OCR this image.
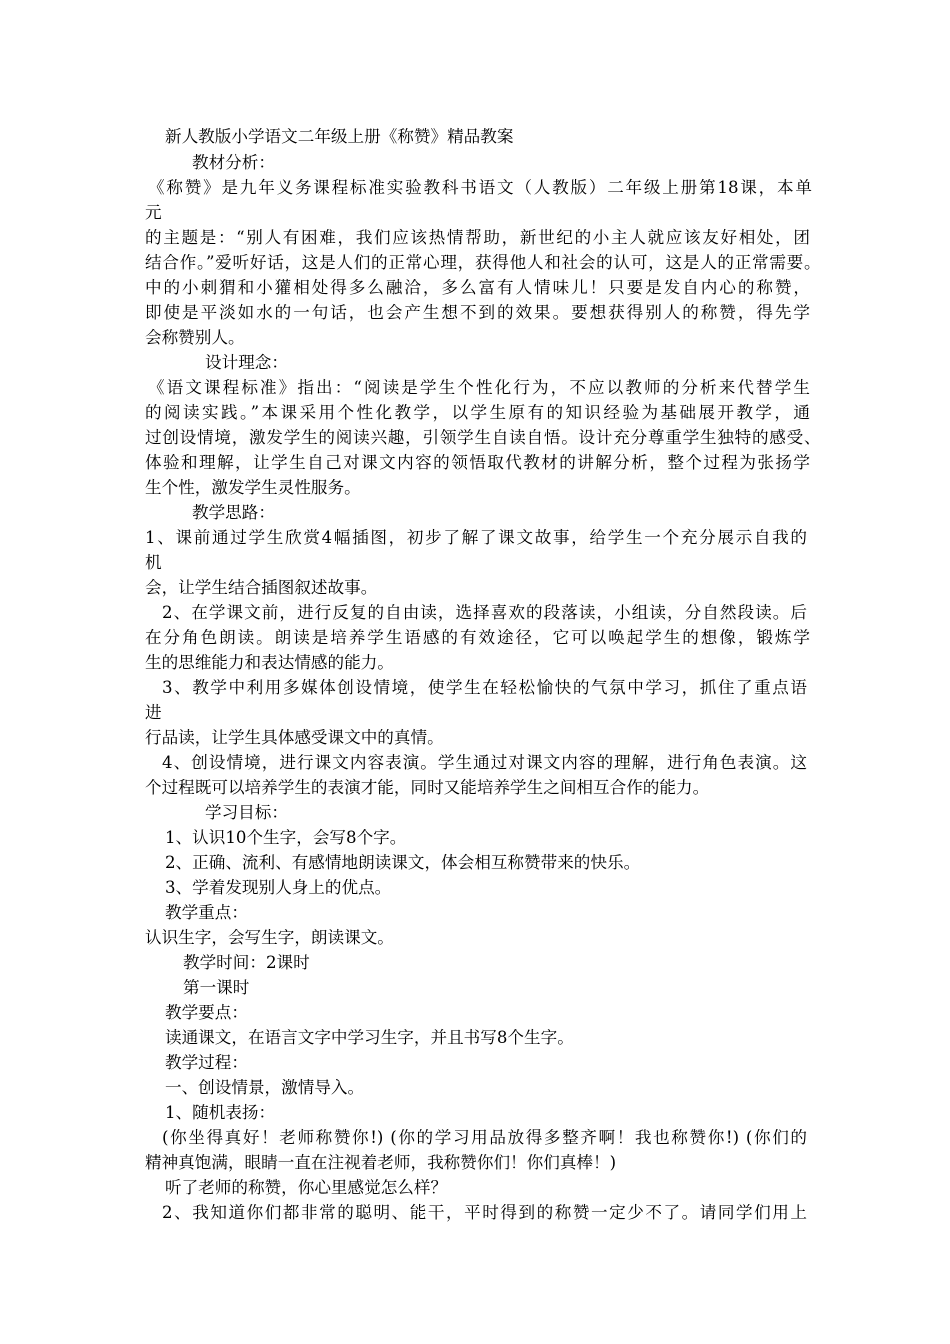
新人教版小学语文二年级上册《称赞》精品教案
教材分析：
《称赞》是九年义务课程标准实验教科书语文（人教版）二年级上册第18课，本单
元
的主题是：“别人有困难，我们应该热情帮助，新世纪的小主人就应该友好相处，团
结合作。”爱听好话，这是人们的正常心理，获得他人和社会的认可，这是人的正常需要。
中的小刺猬和小獾相处得多么融洽，多么富有人情味儿！只要是发自内心的称赞，
即使是平淡如水的一句话，也会产生想不到的效果。要想获得别人的称赞，得先学
会称赞别人。
设计理念：
《语文课程标准》指出：“阅读是学生个性化行为，不应以教师的分析来代替学生
的阅读实践。”本课采用个性化教学，以学生原有的知识经验为基础展开教学，通
过创设情境，激发学生的阅读兴趣，引领学生自读自悟。设计充分尊重学生独特的感受、
体验和理解，让学生自己对课文内容的领悟取代教材的讲解分析，整个过程为张扬学
生个性，激发学生灵性服务。
教学思路：
1、课前通过学生欣赏4幅插图，初步了解了课文故事，给学生一个充分展示自我的
机
会，让学生结合插图叙述故事。
2、在学课文前，进行反复的自由读，选择喜欢的段落读，小组读，分自然段读。后
在分角色朗读。朗读是培养学生语感的有效途径，它可以唤起学生的想像，锻炼学
生的思维能力和表达情感的能力。
3、教学中利用多媒体创设情境，使学生在轻松愉快的气氛中学习，抓住了重点语
进
行品读，让学生具体感受课文中的真情。
4、创设情境，进行课文内容表演。学生通过对课文内容的理解，进行角色表演。这
个过程既可以培养学生的表演才能，同时又能培养学生之间相互合作的能力。
学习目标：
1、认识10个生字，会写8个字。
2、正确、流利、有感情地朗读课文，体会相互称赞带来的快乐。
3、学着发现别人身上的优点。
教学重点：
认识生字，会写生字，朗读课文。
教学时间：2课时
第一课时
教学要点：
读通课文，在语言文字中学习生字，并且书写8个生字。
教学过程：
一、创设情景，激情导入。
1、随机表扬：
(你坐得真好！老师称赞你!) (你的学习用品放得多整齐啊！我也称赞你!) (你们的
精神真饱满，眼睛一直在注视着老师，我称赞你们！你们真棒！)
听了老师的称赞，你心里感觉怎么样？
2、我知道你们都非常的聪明、能干，平时得到的称赞一定少不了。请同学们用上
